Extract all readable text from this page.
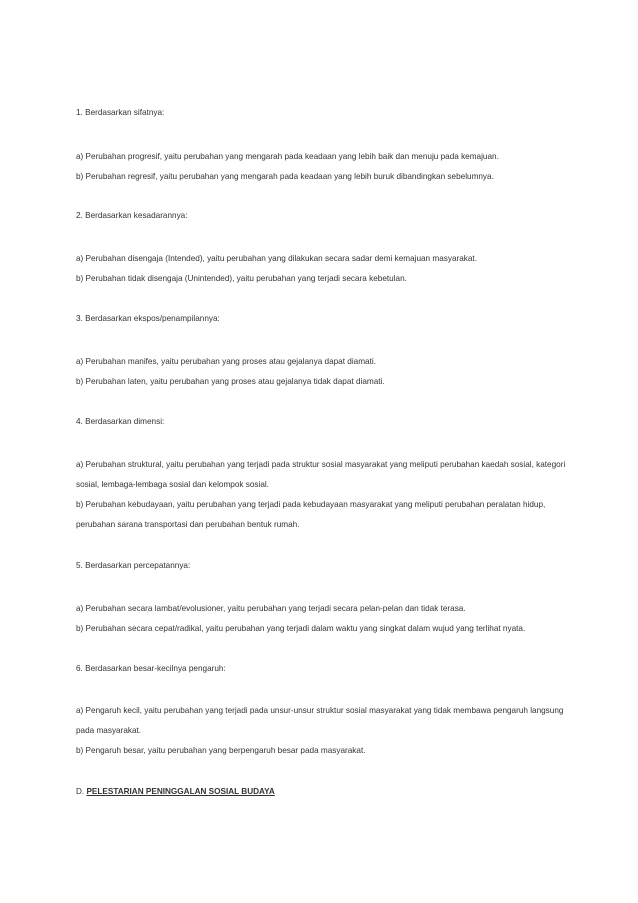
1. Berdasarkan sifatnya:
a) Perubahan progresif, yaitu perubahan yang mengarah pada keadaan yang lebih baik dan menuju pada kemajuan.
b) Perubahan regresif, yaitu perubahan yang mengarah pada keadaan yang lebih buruk dibandingkan sebelumnya.
2. Berdasarkan kesadarannya:
a) Perubahan disengaja (Intended), yaitu perubahan yang dilakukan secara sadar demi kemajuan masyarakat.
b) Perubahan tidak disengaja (Unintended), yaitu perubahan yang terjadi secara kebetulan.
3. Berdasarkan ekspos/penampilannya:
a) Perubahan manifes, yaitu perubahan yang proses atau gejalanya dapat diamati.
b) Perubahan laten, yaitu perubahan yang proses atau gejalanya tidak dapat diamati.
4. Berdasarkan dimensi:
a) Perubahan struktural, yaitu perubahan yang terjadi pada struktur sosial masyarakat yang meliputi perubahan kaedah sosial, kategori
sosial, lembaga-lembaga sosial dan kelompok sosial.
b) Perubahan kebudayaan, yaitu perubahan yang terjadi pada kebudayaan masyarakat yang meliputi perubahan peralatan hidup,
perubahan sarana transportasi dan perubahan bentuk rumah.
5. Berdasarkan percepatannya:
a) Perubahan secara lambat/evolusioner, yaitu perubahan yang terjadi secara pelan-pelan dan tidak terasa.
b) Perubahan secara cepat/radikal, yaitu perubahan yang terjadi dalam waktu yang singkat dalam wujud yang terlihat nyata.
6. Berdasarkan besar-kecilnya pengaruh:
a) Pengaruh kecil, yaitu perubahan yang terjadi pada unsur-unsur struktur sosial masyarakat yang tidak membawa pengaruh langsung
pada masyarakat.
b) Pengaruh besar, yaitu perubahan yang berpengaruh besar pada masyarakat.
D. PELESTARIAN PENINGGALAN SOSIAL BUDAYA
